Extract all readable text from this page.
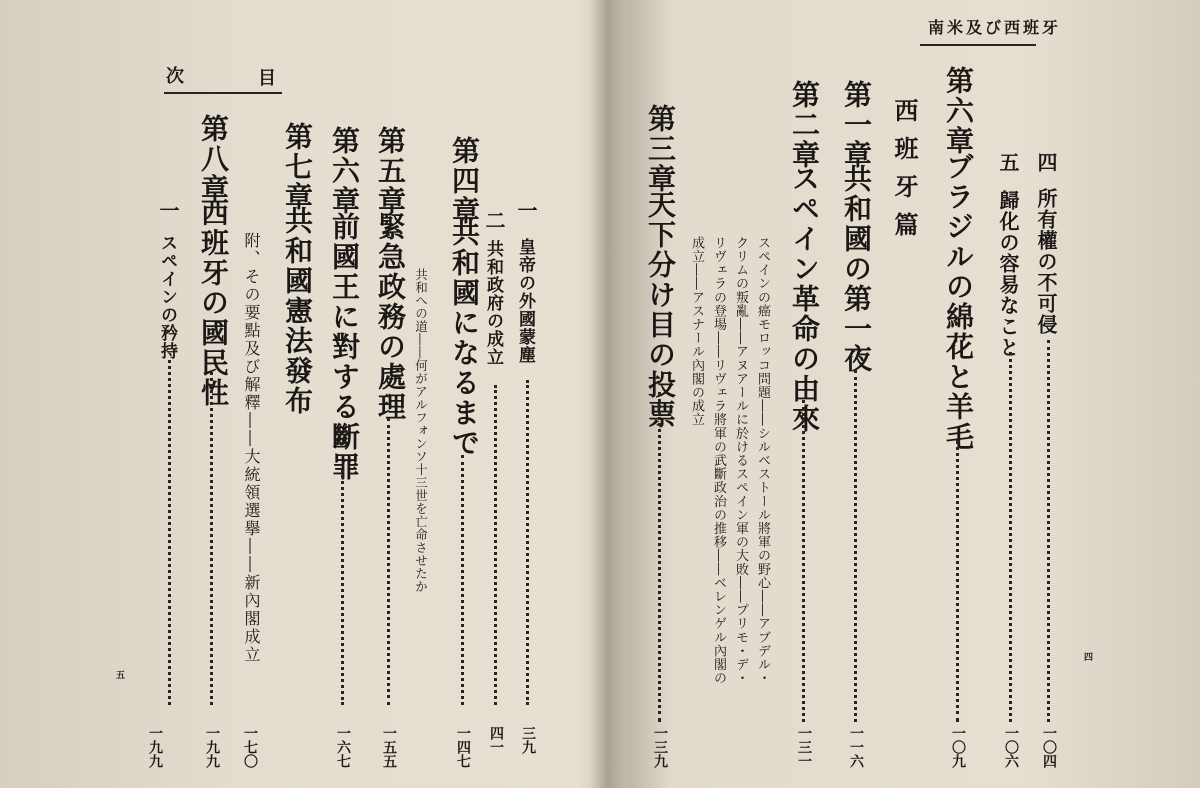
次	目
第四章
共和國になるまで
一四七
一
皇帝の外國蒙塵
三九
二
共和政府の成立
四一
共和への道――何がアルフォンソ十三世を亡命させたか
第五章
緊急政務の處理
一五五
第六章
前國王に對する斷罪
一六七
第七章
共和國憲法發布
一七〇
附、その要點及び解釋――大統領選擧――新內閣成立
第八章
西班牙の國民性
一九九
一
スペインの矜持
一九九
五
南米及び西班牙
四
所有權の不可侵
一〇四
五
歸化の容易なこと
一〇六
第六章
ブラジルの綿花と羊毛
一〇九
西班牙篇
第一章
共和國の第一夜
一一六
第二章
スペイン革命の由來
一三一
スペインの癌モロッコ問題――シルベストール將軍の野心――アブデル・
クリムの叛亂――アヌアールに於けるスペイン軍の大敗――プリモ・デ・
リヴェラの登場――リヴェラ將軍の武斷政治の推移――ベレンゲル內閣の
成立――アスナール內閣の成立
第三章
天下分け目の投票
一三九
四
